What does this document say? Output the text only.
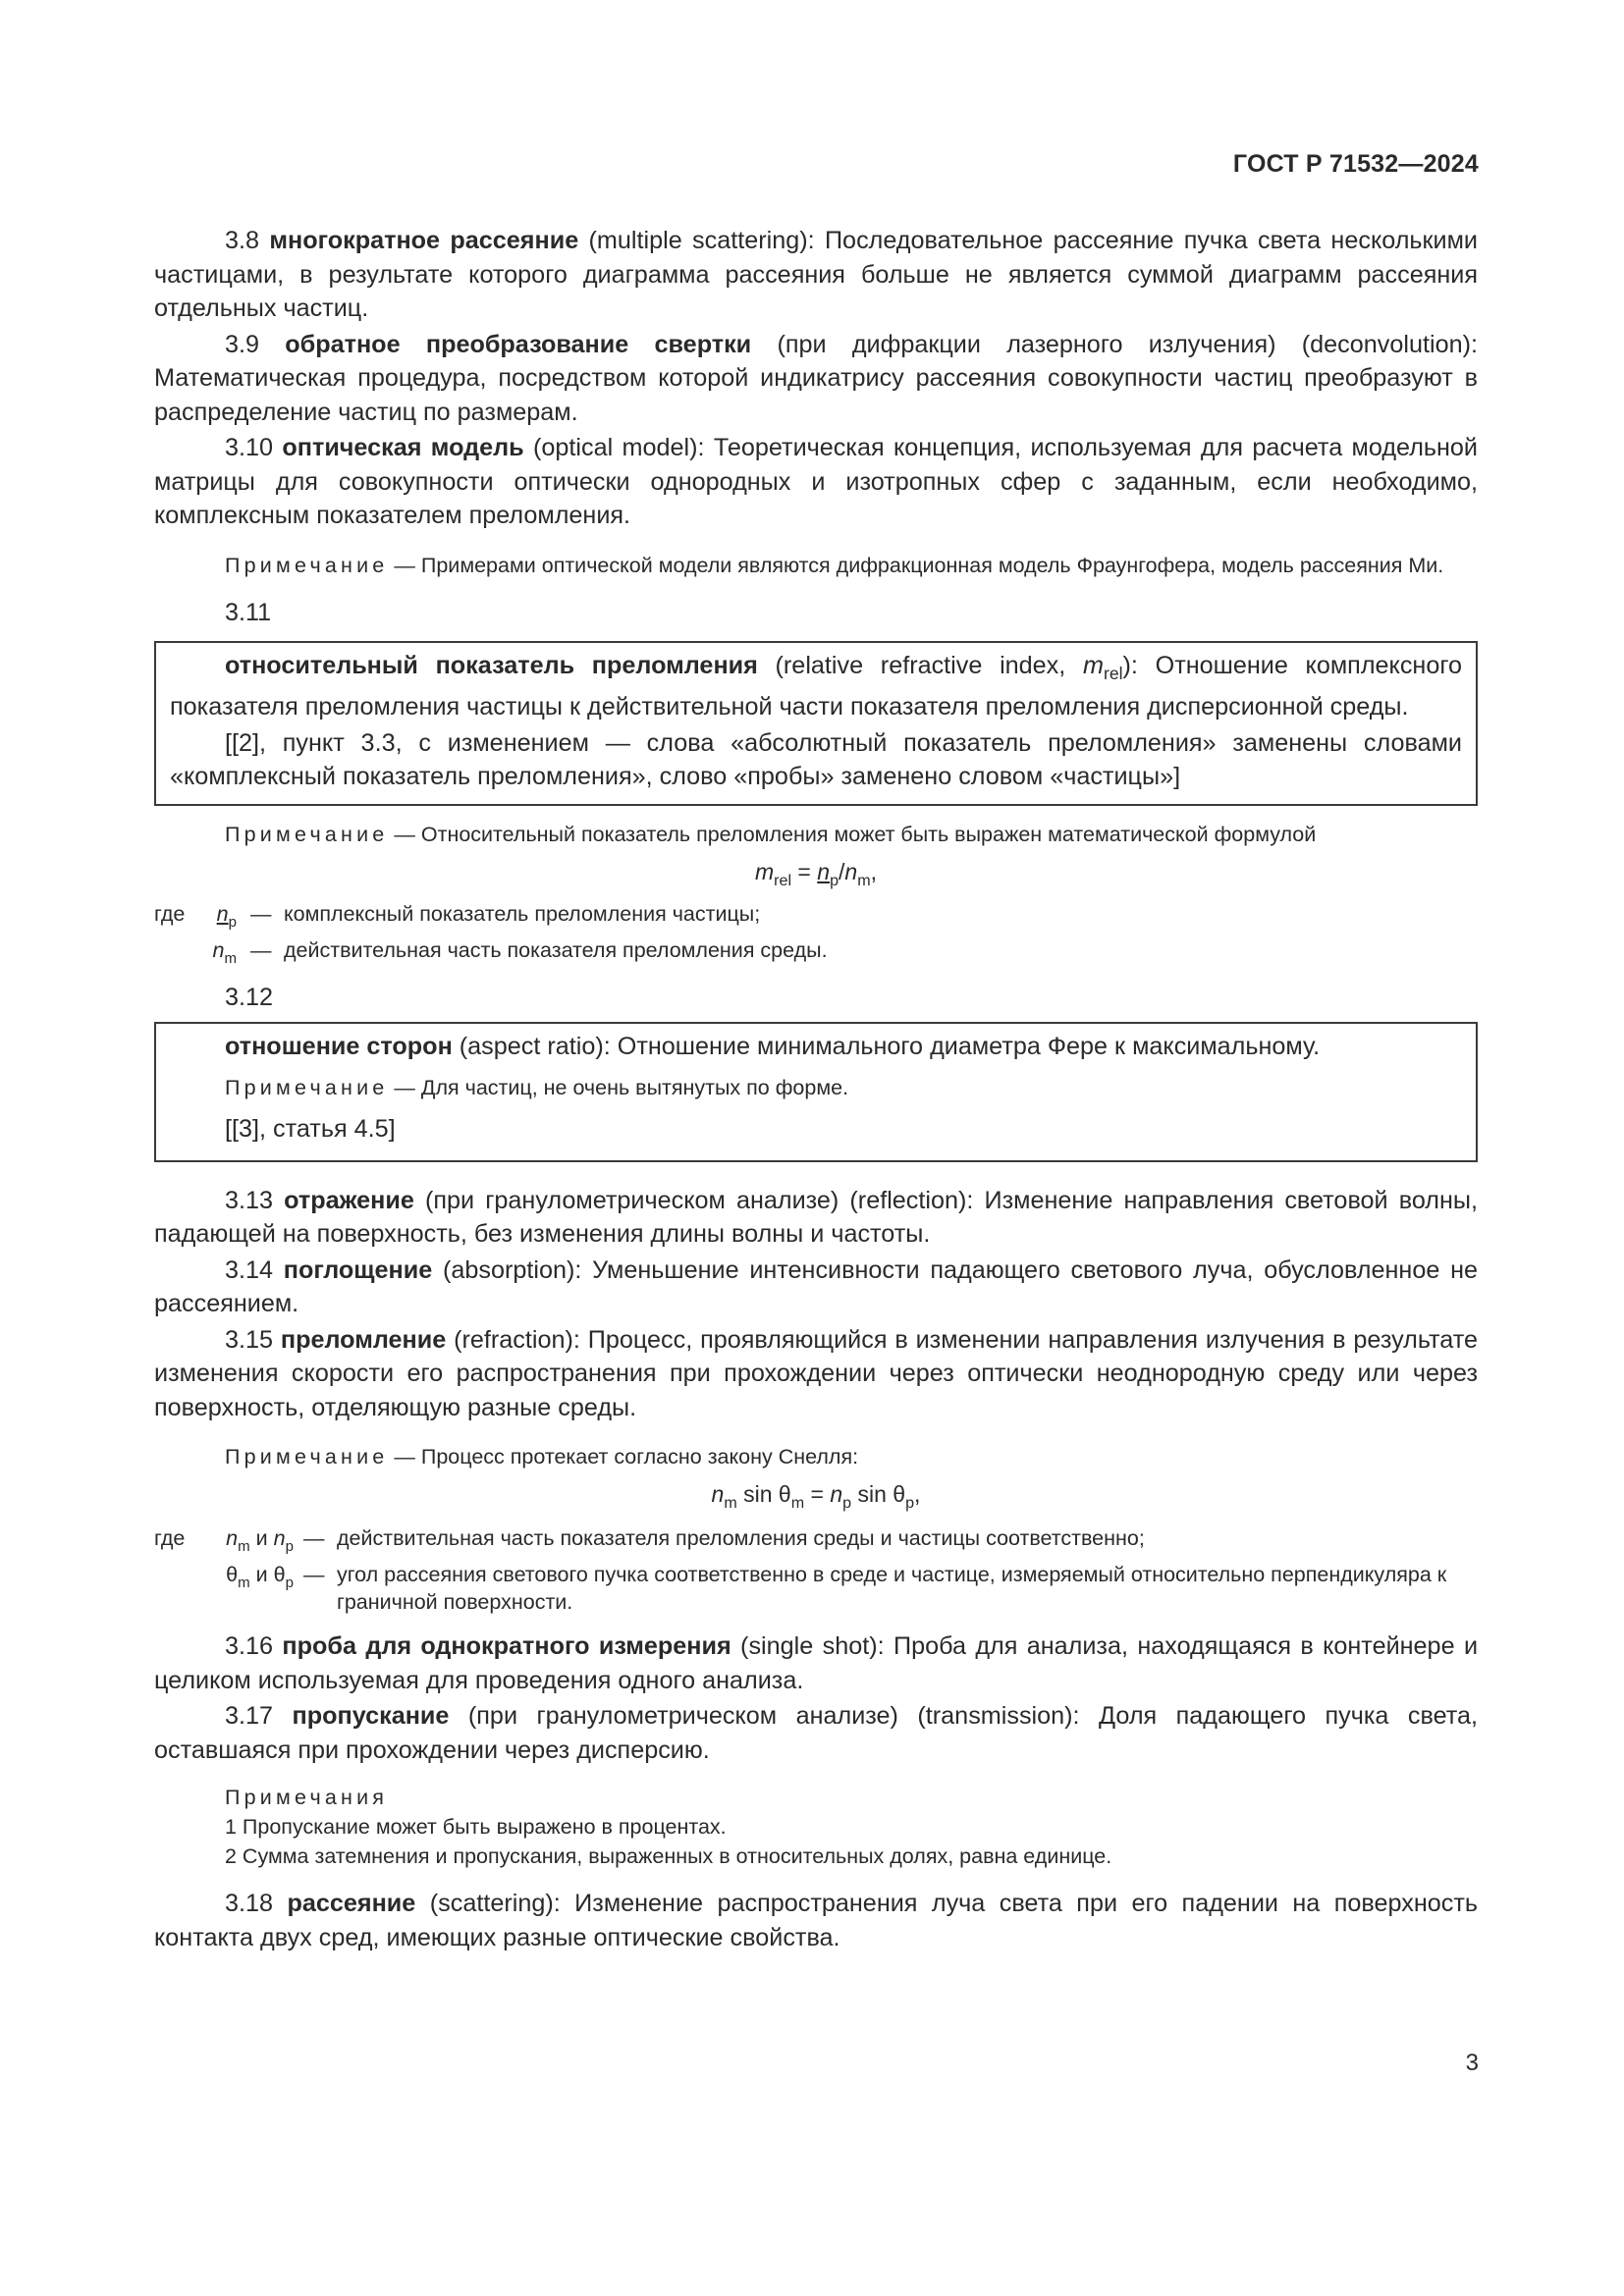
ГОСТ Р 71532—2024

3.8 многократное рассеяние (multiple scattering): Последовательное рассеяние пучка света несколькими частицами, в результате которого диаграмма рассеяния больше не является суммой диаграмм рассеяния отдельных частиц.

3.9 обратное преобразование свертки (при дифракции лазерного излучения) (deconvolution): Математическая процедура, посредством которой индикатрису рассеяния совокупности частиц преобразуют в распределение частиц по размерам.

3.10 оптическая модель (optical model): Теоретическая концепция, используемая для расчета модельной матрицы для совокупности оптически однородных и изотропных сфер с заданным, если необходимо, комплексным показателем преломления.

Примечание — Примерами оптической модели являются дифракционная модель Фраунгофера, модель рассеяния Ми.

3.11

относительный показатель преломления (relative refractive index, $m_{rel}$): Отношение комплексного показателя преломления частицы к действительной части показателя преломления дисперсионной среды.

[[2], пункт 3.3, с изменением — слова «абсолютный показатель преломления» заменены словами «комплексный показатель преломления», слово «пробы» заменено словом «частицы»]

Примечание — Относительный показатель преломления может быть выражен математической формулой

$m_{rel} = n_p/n_m$,

где	$n_p$	—	комплексный показатель преломления частицы;
	$n_m$	—	действительная часть показателя преломления среды.

3.12

отношение сторон (aspect ratio): Отношение минимального диаметра Фере к максимальному.

Примечание — Для частиц, не очень вытянутых по форме.

[[3], статья 4.5]

3.13 отражение (при гранулометрическом анализе) (reflection): Изменение направления световой волны, падающей на поверхность, без изменения длины волны и частоты.

3.14 поглощение (absorption): Уменьшение интенсивности падающего светового луча, обусловленное не рассеянием.

3.15 преломление (refraction): Процесс, проявляющийся в изменении направления излучения в результате изменения скорости его распространения при прохождении через оптически неоднородную среду или через поверхность, отделяющую разные среды.

Примечание — Процесс протекает согласно закону Снелля:

$n_m$ $\sin \theta_m = n_p$ $\sin \theta_p$,

где	$n_m$ и $n_p$	—	действительная часть показателя преломления среды и частицы соответственно;
	$\theta_m$ и $\theta_p$	—	угол рассеяния светового пучка соответственно в среде и частице, измеряемый относительно перпендикуляра к граничной поверхности.

3.16 проба для однократного измерения (single shot): Проба для анализа, находящаяся в контейнере и целиком используемая для проведения одного анализа.

3.17 пропускание (при гранулометрическом анализе) (transmission): Доля падающего пучка света, оставшаяся при прохождении через дисперсию.

Примечания

1 Пропускание может быть выражено в процентах.

2 Сумма затемнения и пропускания, выраженных в относительных долях, равна единице.

3.18 рассеяние (scattering): Изменение распространения луча света при его падении на поверхность контакта двух сред, имеющих разные оптические свойства.

3
